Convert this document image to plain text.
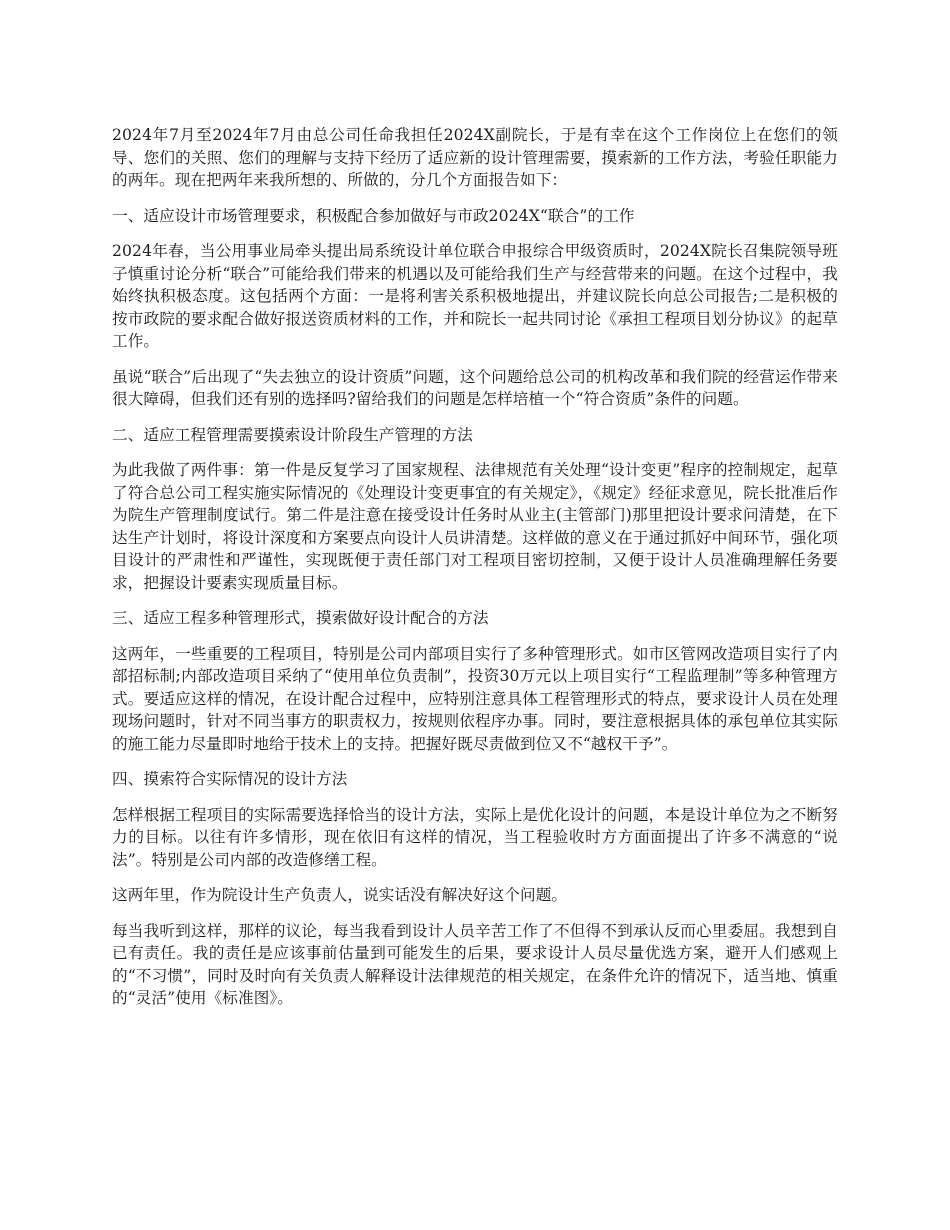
2024年7月至2024年7月由总公司任命我担任2024X副院长，于是有幸在这个工作岗位上在您们的领导、您们的关照、您们的理解与支持下经历了适应新的设计管理需要，摸索新的工作方法，考验任职能力的两年。现在把两年来我所想的、所做的，分几个方面报告如下：

一、适应设计市场管理要求，积极配合参加做好与市政2024X“联合”的工作

2024年春，当公用事业局牵头提出局系统设计单位联合申报综合甲级资质时，2024X院长召集院领导班子慎重讨论分析“联合”可能给我们带来的机遇以及可能给我们生产与经营带来的问题。在这个过程中，我始终执积极态度。这包括两个方面：一是将利害关系积极地提出，并建议院长向总公司报告;二是积极的按市政院的要求配合做好报送资质材料的工作，并和院长一起共同讨论《承担工程项目划分协议》的起草工作。

虽说“联合”后出现了“失去独立的设计资质”问题，这个问题给总公司的机构改革和我们院的经营运作带来很大障碍，但我们还有别的选择吗?留给我们的问题是怎样培植一个“符合资质”条件的问题。

二、适应工程管理需要摸索设计阶段生产管理的方法

为此我做了两件事：第一件是反复学习了国家规程、法律规范有关处理“设计变更”程序的控制规定，起草了符合总公司工程实施实际情况的《处理设计变更事宜的有关规定》，《规定》经征求意见，院长批准后作为院生产管理制度试行。第二件是注意在接受设计任务时从业主(主管部门)那里把设计要求问清楚，在下达生产计划时，将设计深度和方案要点向设计人员讲清楚。这样做的意义在于通过抓好中间环节，强化项目设计的严肃性和严谨性，实现既便于责任部门对工程项目密切控制，又便于设计人员准确理解任务要求，把握设计要素实现质量目标。

三、适应工程多种管理形式，摸索做好设计配合的方法

这两年，一些重要的工程项目，特别是公司内部项目实行了多种管理形式。如市区管网改造项目实行了内部招标制;内部改造项目采纳了“使用单位负责制”，投资30万元以上项目实行“工程监理制”等多种管理方式。要适应这样的情况，在设计配合过程中，应特别注意具体工程管理形式的特点，要求设计人员在处理现场问题时，针对不同当事方的职责权力，按规则依程序办事。同时，要注意根据具体的承包单位其实际的施工能力尽量即时地给于技术上的支持。把握好既尽责做到位又不“越权干予”。

四、摸索符合实际情况的设计方法

怎样根据工程项目的实际需要选择恰当的设计方法，实际上是优化设计的问题，本是设计单位为之不断努力的目标。以往有许多情形，现在依旧有这样的情况，当工程验收时方方面面提出了许多不满意的“说法”。特别是公司内部的改造修缮工程。

这两年里，作为院设计生产负责人，说实话没有解决好这个问题。

每当我听到这样，那样的议论，每当我看到设计人员辛苦工作了不但得不到承认反而心里委屈。我想到自已有责任。我的责任是应该事前估量到可能发生的后果，要求设计人员尽量优选方案，避开人们感观上的“不习惯”，同时及时向有关负责人解释设计法律规范的相关规定，在条件允许的情况下，适当地、慎重的“灵活”使用《标准图》。
